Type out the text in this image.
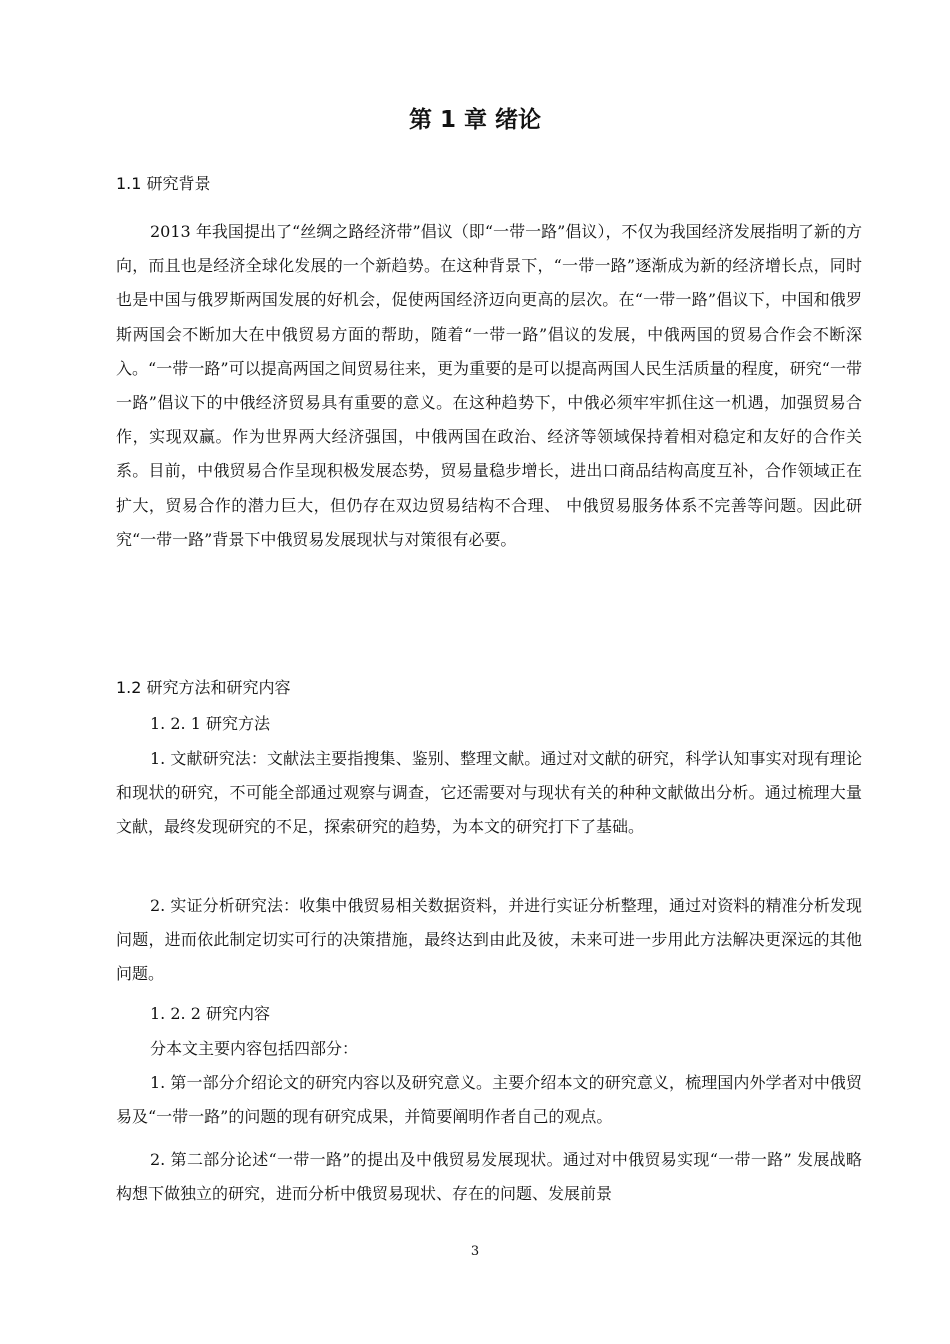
第 1 章 绪论
1.1 研究背景

2013 年我国提出了“丝绸之路经济带”倡议（即“一带一路”倡议），不仅为我国经济发展指明了新的方向，而且也是经济全球化发展的一个新趋势。在这种背景下，“一带一路”逐渐成为新的经济增长点，同时也是中国与俄罗斯两国发展的好机会，促使两国经济迈向更高的层次。在“一带一路”倡议下，中国和俄罗斯两国会不断加大在中俄贸易方面的帮助，随着“一带一路”倡议的发展，中俄两国的贸易合作会不断深入。“一带一路”可以提高两国之间贸易往来，更为重要的是可以提高两国人民生活质量的程度，研究“一带一路”倡议下的中俄经济贸易具有重要的意义。在这种趋势下，中俄必须牢牢抓住这一机遇，加强贸易合作，实现双赢。作为世界两大经济强国，中俄两国在政治、经济等领域保持着相对稳定和友好的合作关系。目前，中俄贸易合作呈现积极发展态势，贸易量稳步增长，进出口商品结构高度互补，合作领域正在扩大，贸易合作的潜力巨大，但仍存在双边贸易结构不合理、 中俄贸易服务体系不完善等问题。因此研究“一带一路”背景下中俄贸易发展现状与对策很有必要。

1.2 研究方法和研究内容
1. 2. 1 研究方法

1. 文献研究法：文献法主要指搜集、鉴别、整理文献。通过对文献的研究，科学认知事实对现有理论和现状的研究，不可能全部通过观察与调查，它还需要对与现状有关的种种文献做出分析。通过梳理大量文献，最终发现研究的不足，探索研究的趋势，为本文的研究打下了基础。

2. 实证分析研究法：收集中俄贸易相关数据资料，并进行实证分析整理，通过对资料的精准分析发现问题，进而依此制定切实可行的决策措施，最终达到由此及彼，未来可进一步用此方法解决更深远的其他问题。

1. 2. 2 研究内容

分本文主要内容包括四部分：

1. 第一部分介绍论文的研究内容以及研究意义。主要介绍本文的研究意义，梳理国内外学者对中俄贸易及“一带一路”的问题的现有研究成果，并简要阐明作者自己的观点。

2. 第二部分论述“一带一路”的提出及中俄贸易发展现状。通过对中俄贸易实现“一带一路” 发展战略构想下做独立的研究，进而分析中俄贸易现状、存在的问题、发展前景

3
